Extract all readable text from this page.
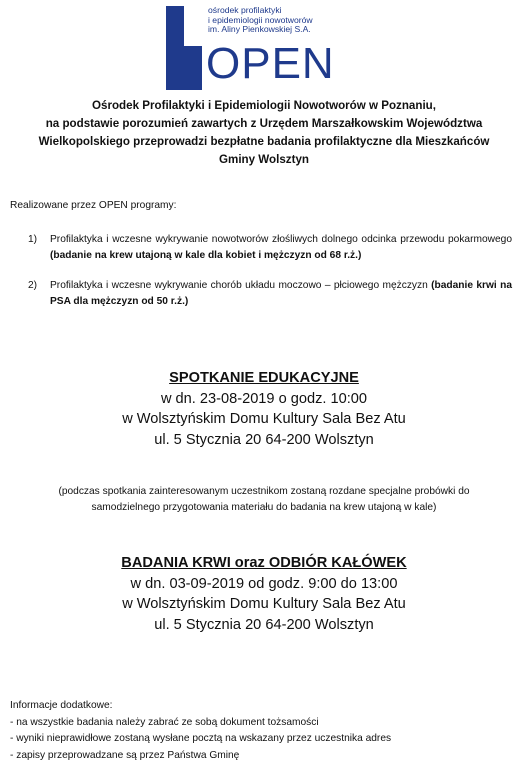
ośrodek profilaktyki
i epidemiologii nowotworów
im. Aliny Pienkowskiej S.A.
OPEN

Ośrodek Profilaktyki i Epidemiologii Nowotworów w Poznaniu,

na podstawie porozumień zawartych z Urzędem Marszałkowskim Województwa

Wielkopolskiego przeprowadzi bezpłatne badania profilaktyczne dla Mieszkańców

Gminy Wolsztyn

Realizowane przez OPEN programy:
1) Profilaktyka i wczesne wykrywanie nowotworów złośliwych dolnego odcinka przewodu pokarmowego (badanie na krew utajoną w kale dla kobiet i mężczyzn od 68 r.ż.)
2) Profilaktyka i wczesne wykrywanie chorób układu moczowo – płciowego mężczyzn (badanie krwi na PSA dla mężczyzn od 50 r.ż.)

SPOTKANIE EDUKACYJNE

w dn. 23-08-2019 o godz. 10:00

w Wolsztyńskim Domu Kultury Sala Bez Atu

ul. 5 Stycznia 20 64-200 Wolsztyn

(podczas spotkania zainteresowanym uczestnikom zostaną rozdane specjalne probówki do
samodzielnego przygotowania materiału do badania na krew utajoną w kale)

BADANIA KRWI oraz ODBIÓR KAŁÓWEK

w dn. 03-09-2019 od godz. 9:00 do 13:00

w Wolsztyńskim Domu Kultury Sala Bez Atu

ul. 5 Stycznia 20 64-200 Wolsztyn

Informacje dodatkowe:

- na wszystkie badania należy zabrać ze sobą dokument tożsamości

- wyniki nieprawidłowe zostaną wysłane pocztą na wskazany przez uczestnika adres

- zapisy przeprowadzane są przez Państwa Gminę
